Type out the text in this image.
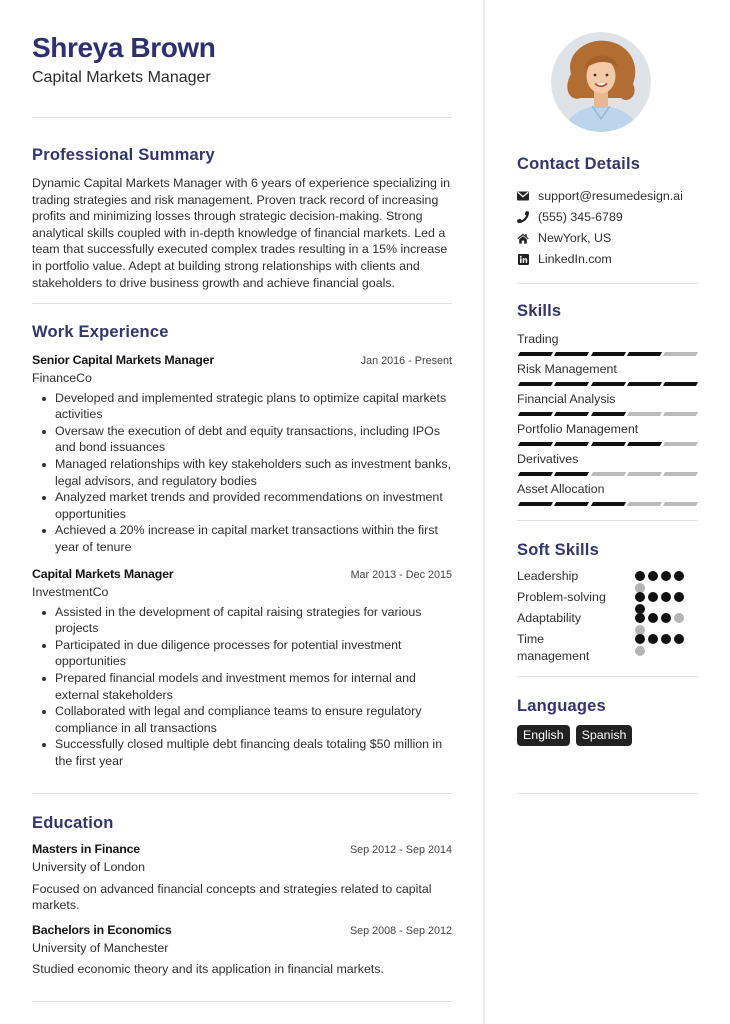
Shreya Brown
Capital Markets Manager
Professional Summary

Dynamic Capital Markets Manager with 6 years of experience specializing in trading strategies and risk management. Proven track record of increasing profits and minimizing losses through strategic decision-making. Strong analytical skills coupled with in-depth knowledge of financial markets. Led a team that successfully executed complex trades resulting in a 15% increase in portfolio value. Adept at building strong relationships with clients and stakeholders to drive business growth and achieve financial goals.

Work Experience
Senior Capital Markets Manager	Jan 2016 - Present
FinanceCo
Developed and implemented strategic plans to optimize capital markets activities
Oversaw the execution of debt and equity transactions, including IPOs and bond issuances
Managed relationships with key stakeholders such as investment banks, legal advisors, and regulatory bodies
Analyzed market trends and provided recommendations on investment opportunities
Achieved a 20% increase in capital market transactions within the first year of tenure
Capital Markets Manager	Mar 2013 - Dec 2015
InvestmentCo
Assisted in the development of capital raising strategies for various projects
Participated in due diligence processes for potential investment opportunities
Prepared financial models and investment memos for internal and external stakeholders
Collaborated with legal and compliance teams to ensure regulatory compliance in all transactions
Successfully closed multiple debt financing deals totaling $50 million in the first year
Education
Masters in Finance	Sep 2012 - Sep 2014
University of London

Focused on advanced financial concepts and strategies related to capital markets.

Bachelors in Economics	Sep 2008 - Sep 2012
University of Manchester

Studied economic theory and its application in financial markets.

Contact Details
support@resumedesign.ai
(555) 345-6789
NewYork, US
LinkedIn.com
Skills
Trading
Risk Management
Financial Analysis
Portfolio Management
Derivatives
Asset Allocation
Soft Skills
Leadership
Problem-solving
Adaptability
Time management
Languages
English	Spanish
